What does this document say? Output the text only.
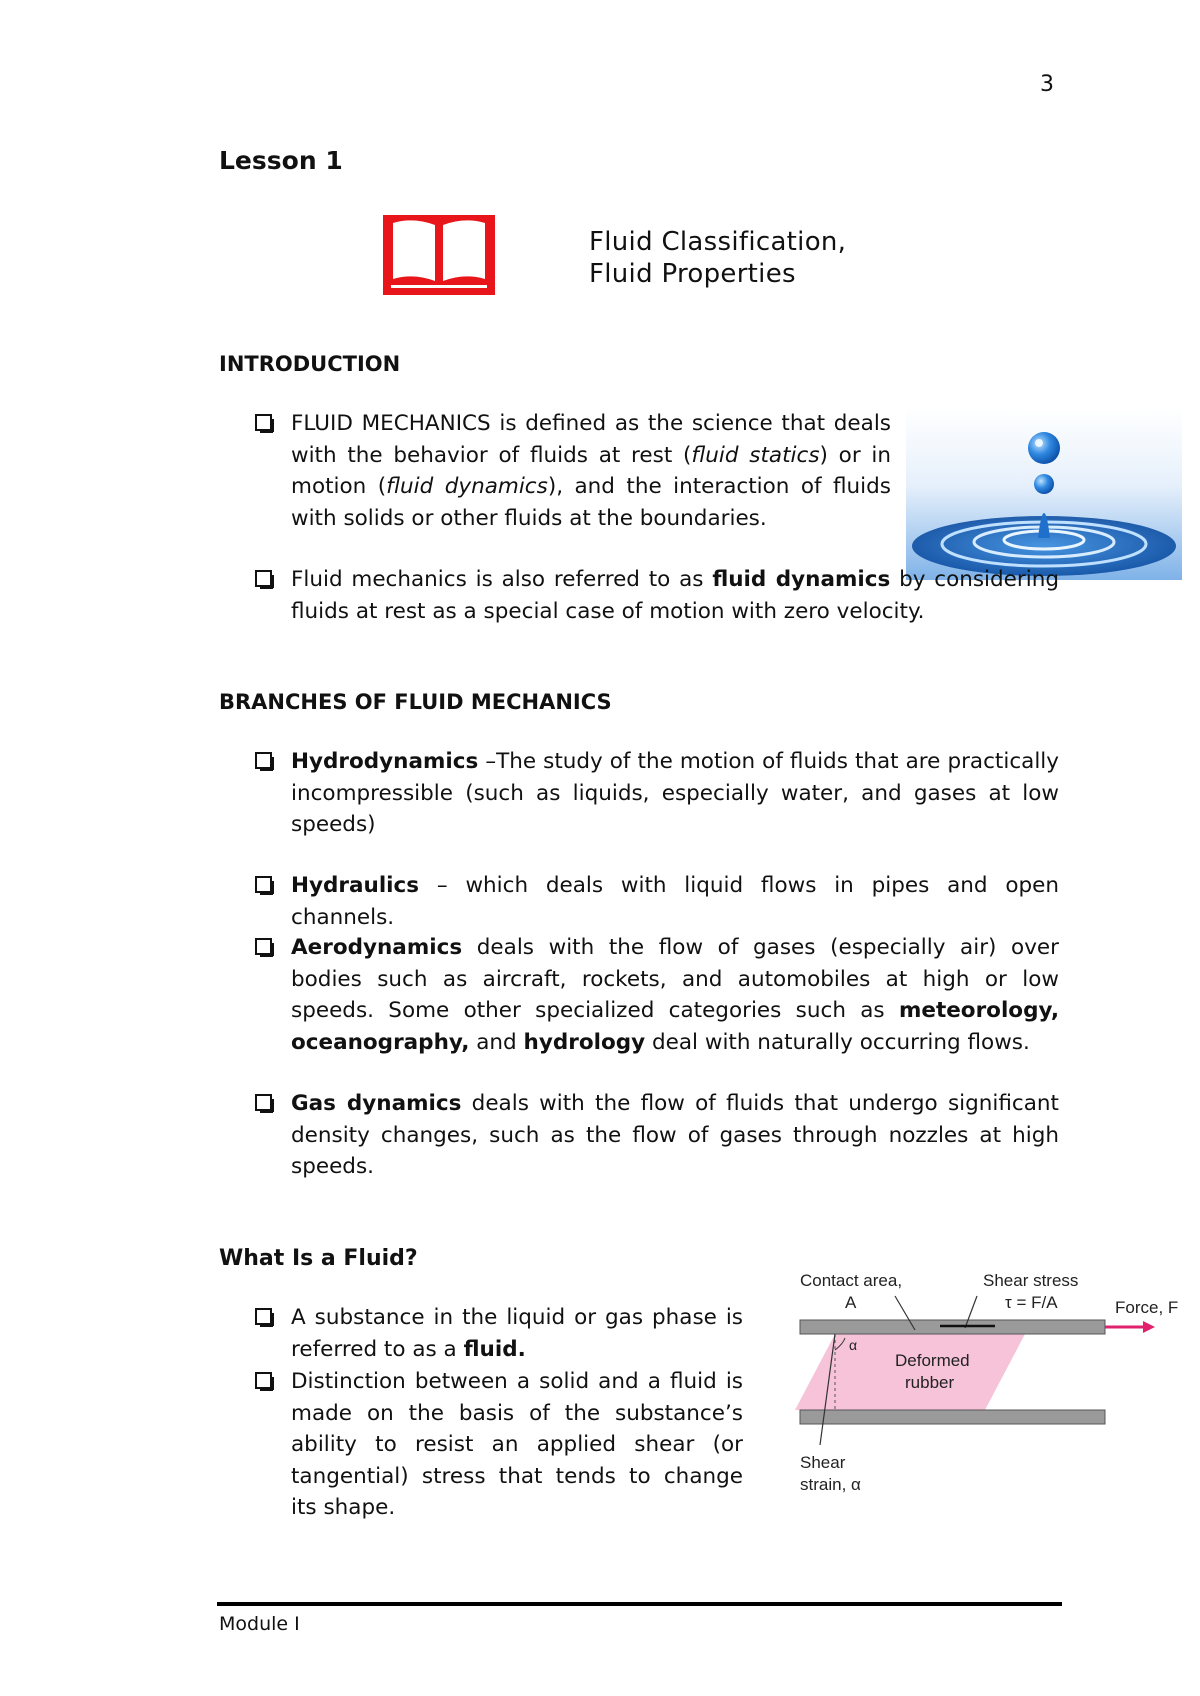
3
Lesson 1
Fluid Classification,
Fluid Properties
INTRODUCTION
FLUID MECHANICS is defined as the science that deals with the behavior of fluids at rest (fluid statics) or in motion (fluid dynamics), and the interaction of fluids with solids or other fluids at the boundaries.
Fluid mechanics is also referred to as fluid dynamics by considering fluids at rest as a special case of motion with zero velocity.
BRANCHES OF FLUID MECHANICS
Hydrodynamics –The study of the motion of fluids that are practically incompressible (such as liquids, especially water, and gases at low speeds)
Hydraulics – which deals with liquid flows in pipes and open channels.
Aerodynamics deals with the flow of gases (especially air) over bodies such as aircraft, rockets, and automobiles at high or low speeds. Some other specialized categories such as meteorology, oceanography, and hydrology deal with naturally occurring flows.
Gas dynamics deals with the flow of fluids that undergo significant density changes, such as the flow of gases through nozzles at high speeds.
What Is a Fluid?
A substance in the liquid or gas phase is referred to as a fluid.
Distinction between a solid and a fluid is made on the basis of the substance’s ability to resist an applied shear (or tangential) stress that tends to change its shape.
Contact area,
A
Shear stress
τ = F/A	Force, F
Deformed
rubber
α
Shear
strain, α
Module I
